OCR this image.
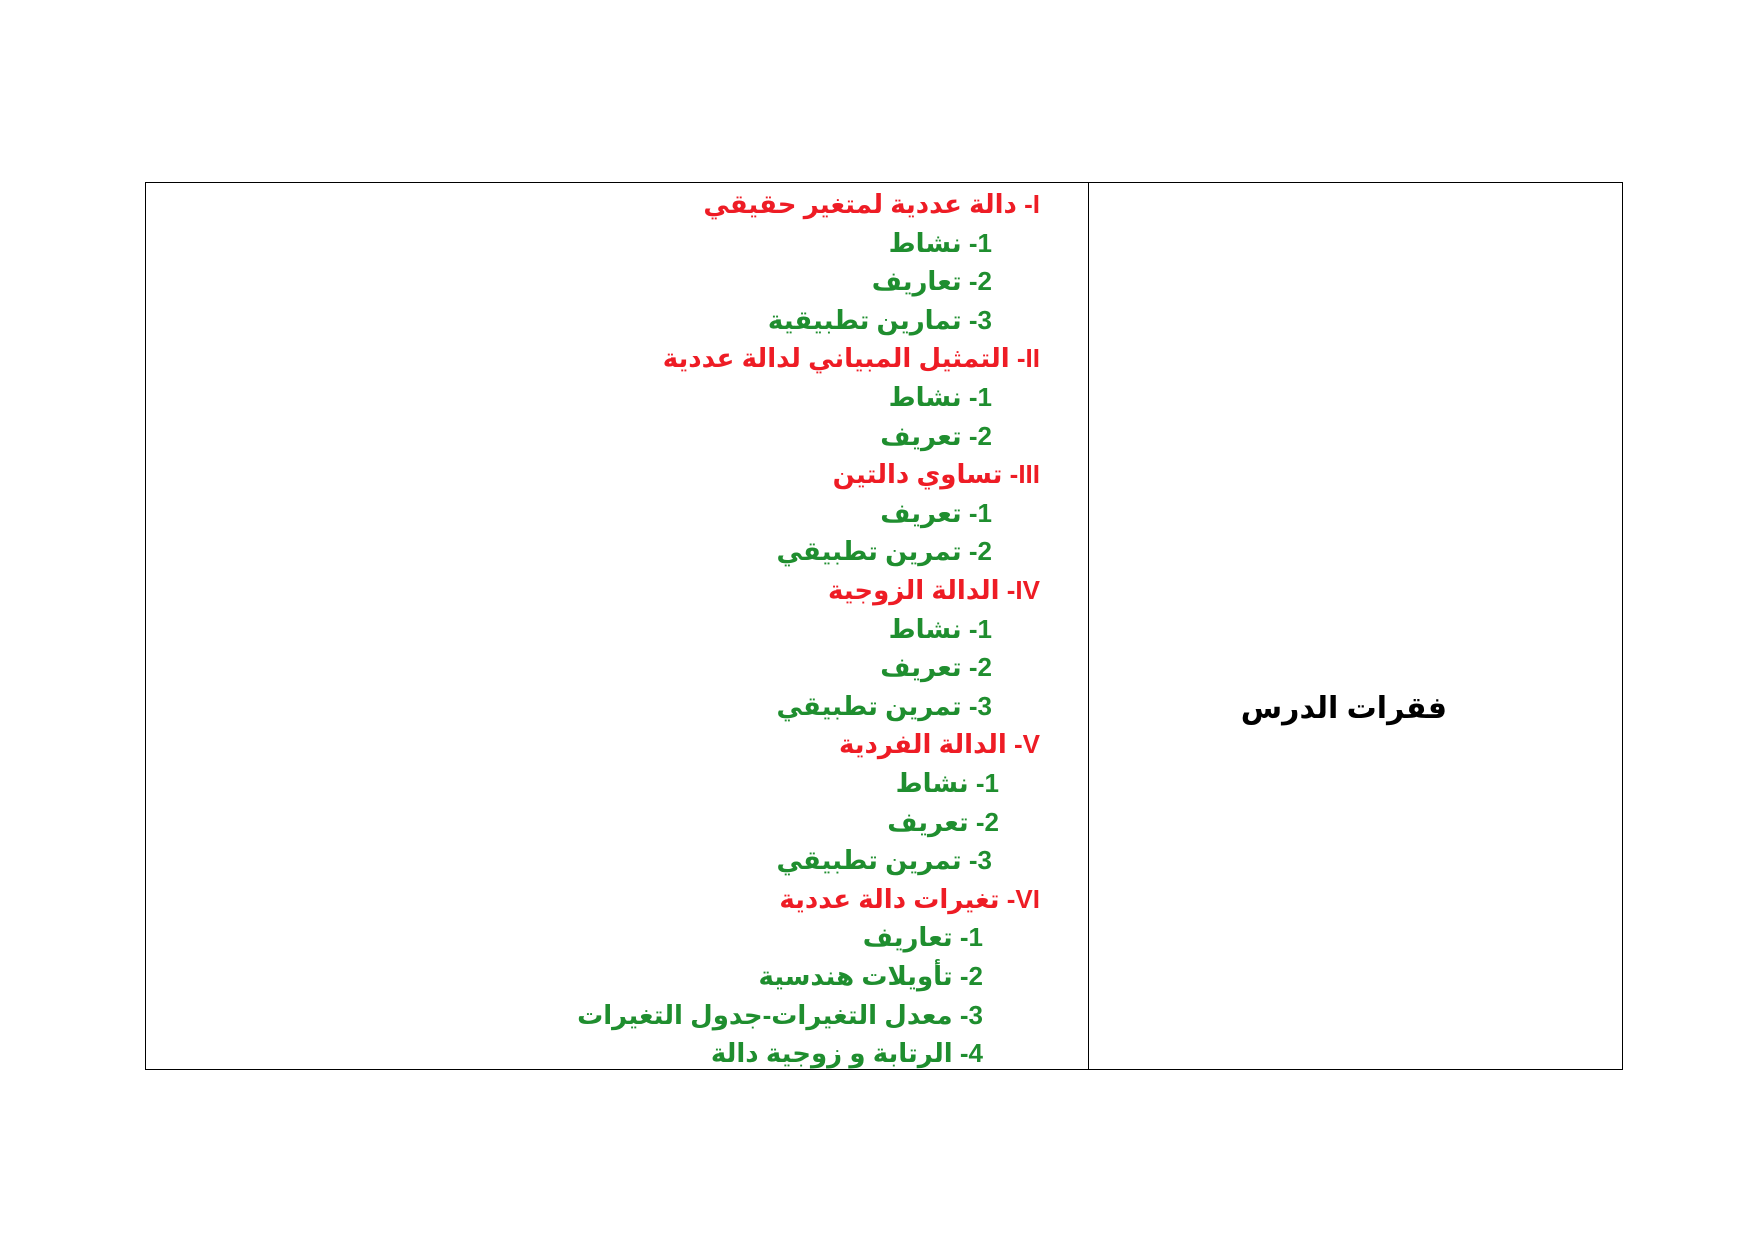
I- دالة عددية لمتغير حقيقي
1- نشاط
2- تعاريف
3- تمارين تطبيقية
II- التمثيل المبياني لدالة عددية
1- نشاط
2- تعريف
III- تساوي دالتين
1- تعريف
2- تمرين تطبيقي
IV- الدالة الزوجية
1- نشاط
2- تعريف
3- تمرين تطبيقي
V- الدالة الفردية
1- نشاط
2- تعريف
3- تمرين تطبيقي
VI- تغيرات دالة عددية
1- تعاريف
2- تأويلات هندسية
3- معدل التغيرات-جدول التغيرات
4- الرتابة و زوجية دالة
فقرات الدرس
